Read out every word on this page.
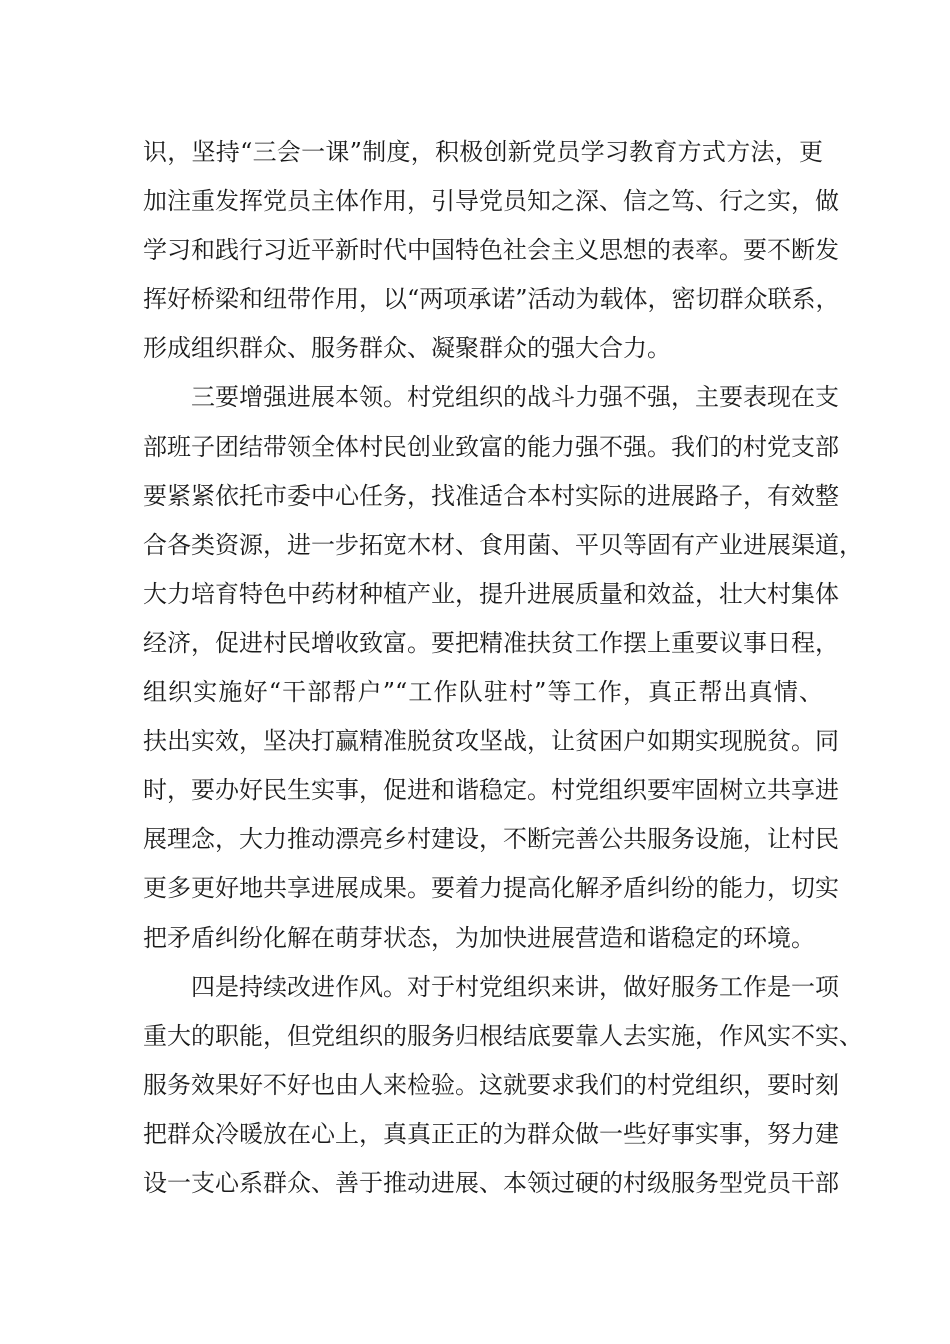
识，坚持“三会一课”制度，积极创新党员学习教育方式方法，更
加注重发挥党员主体作用，引导党员知之深、信之笃、行之实，做
学习和践行习近平新时代中国特色社会主义思想的表率。要不断发
挥好桥梁和纽带作用，以“两项承诺”活动为载体，密切群众联系，
形成组织群众、服务群众、凝聚群众的强大合力。
三要增强进展本领。村党组织的战斗力强不强，主要表现在支
部班子团结带领全体村民创业致富的能力强不强。我们的村党支部
要紧紧依托市委中心任务，找准适合本村实际的进展路子，有效整
合各类资源，进一步拓宽木材、食用菌、平贝等固有产业进展渠道，
大力培育特色中药材种植产业，提升进展质量和效益，壮大村集体
经济，促进村民增收致富。要把精准扶贫工作摆上重要议事日程，
组织实施好“干部帮户”“工作队驻村”等工作，真正帮出真情、
扶出实效，坚决打赢精准脱贫攻坚战，让贫困户如期实现脱贫。同
时，要办好民生实事，促进和谐稳定。村党组织要牢固树立共享进
展理念，大力推动漂亮乡村建设，不断完善公共服务设施，让村民
更多更好地共享进展成果。要着力提高化解矛盾纠纷的能力，切实
把矛盾纠纷化解在萌芽状态，为加快进展营造和谐稳定的环境。
四是持续改进作风。对于村党组织来讲，做好服务工作是一项
重大的职能，但党组织的服务归根结底要靠人去实施，作风实不实、
服务效果好不好也由人来检验。这就要求我们的村党组织，要时刻
把群众冷暖放在心上，真真正正的为群众做一些好事实事，努力建
设一支心系群众、善于推动进展、本领过硬的村级服务型党员干部
